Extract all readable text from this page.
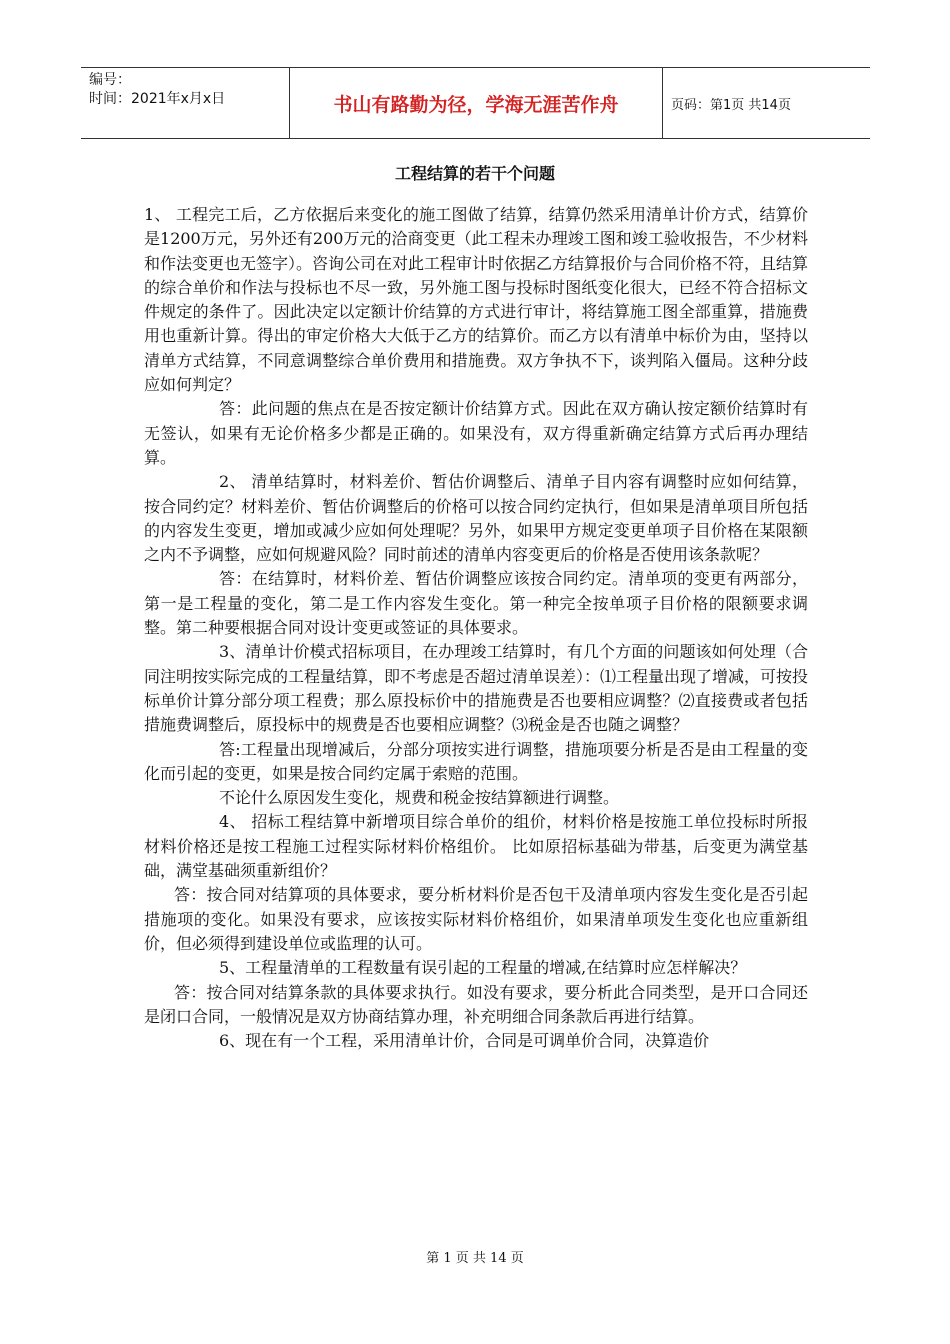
编号：
时间：2021年x月x日	书山有路勤为径，学海无涯苦作舟	页码：第1页 共14页
工程结算的若干个问题

1、 工程完工后，乙方依据后来变化的施工图做了结算，结算仍然采用清单计价方式，结算价是1200万元，另外还有200万元的洽商变更（此工程未办理竣工图和竣工验收报告，不少材料和作法变更也无签字）。咨询公司在对此工程审计时依据乙方结算报价与合同价格不符，且结算的综合单价和作法与投标也不尽一致，另外施工图与投标时图纸变化很大，已经不符合招标文件规定的条件了。因此决定以定额计价结算的方式进行审计，将结算施工图全部重算，措施费用也重新计算。得出的审定价格大大低于乙方的结算价。而乙方以有清单中标价为由，坚持以清单方式结算，不同意调整综合单价费用和措施费。双方争执不下，谈判陷入僵局。这种分歧应如何判定？

答：此问题的焦点在是否按定额计价结算方式。因此在双方确认按定额价结算时有无签认，如果有无论价格多少都是正确的。如果没有，双方得重新确定结算方式后再办理结算。

2、 清单结算时，材料差价、暂估价调整后、清单子目内容有调整时应如何结算，按合同约定？材料差价、暂估价调整后的价格可以按合同约定执行，但如果是清单项目所包括的内容发生变更，增加或减少应如何处理呢？另外，如果甲方规定变更单项子目价格在某限额之内不予调整，应如何规避风险？同时前述的清单内容变更后的价格是否使用该条款呢？

答：在结算时，材料价差、暂估价调整应该按合同约定。清单项的变更有两部分，第一是工程量的变化，第二是工作内容发生变化。第一种完全按单项子目价格的限额要求调整。第二种要根据合同对设计变更或签证的具体要求。

3、清单计价模式招标项目，在办理竣工结算时，有几个方面的问题该如何处理（合同注明按实际完成的工程量结算，即不考虑是否超过清单误差）：⑴工程量出现了增减，可按投标单价计算分部分项工程费；那么原投标价中的措施费是否也要相应调整？⑵直接费或者包括措施费调整后，原投标中的规费是否也要相应调整？⑶税金是否也随之调整？

答:工程量出现增减后，分部分项按实进行调整，措施项要分析是否是由工程量的变化而引起的变更，如果是按合同约定属于索赔的范围。

不论什么原因发生变化，规费和税金按结算额进行调整。

4、 招标工程结算中新增项目综合单价的组价，材料价格是按施工单位投标时所报材料价格还是按工程施工过程实际材料价格组价。 比如原招标基础为带基，后变更为满堂基础，满堂基础须重新组价？

答：按合同对结算项的具体要求，要分析材料价是否包干及清单项内容发生变化是否引起措施项的变化。如果没有要求，应该按实际材料价格组价，如果清单项发生变化也应重新组价，但必须得到建设单位或监理的认可。

5、工程量清单的工程数量有误引起的工程量的增减,在结算时应怎样解决？

答：按合同对结算条款的具体要求执行。如没有要求，要分析此合同类型，是开口合同还是闭口合同，一般情况是双方协商结算办理，补充明细合同条款后再进行结算。

6、现在有一个工程，采用清单计价，合同是可调单价合同，决算造价

第 1 页 共 14 页
